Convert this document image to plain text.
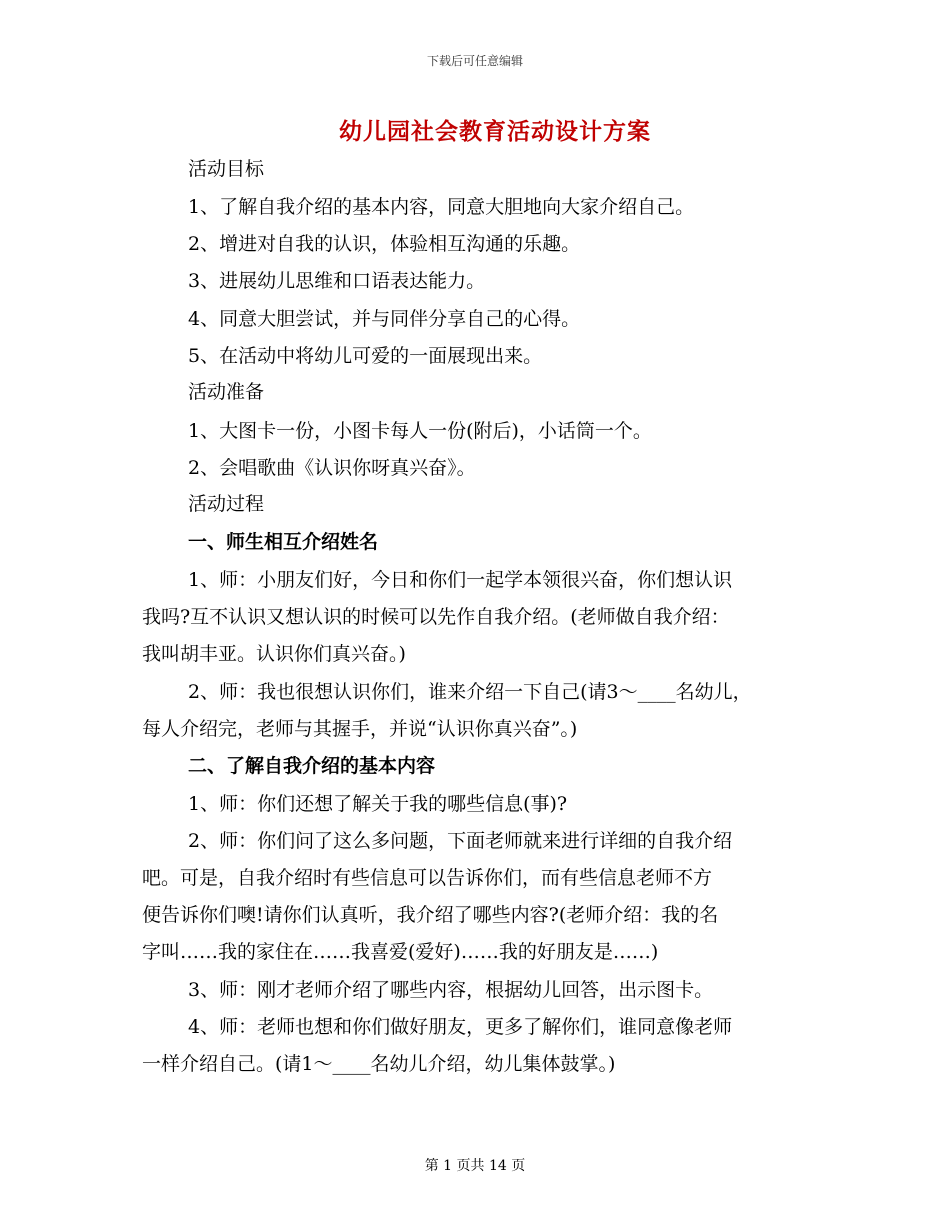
下载后可任意编辑
幼儿园社会教育活动设计方案
活动目标
1、了解自我介绍的基本内容，同意大胆地向大家介绍自己。
2、增进对自我的认识，体验相互沟通的乐趣。
3、进展幼儿思维和口语表达能力。
4、同意大胆尝试，并与同伴分享自己的心得。
5、在活动中将幼儿可爱的一面展现出来。
活动准备
1、大图卡一份，小图卡每人一份(附后)，小话筒一个。
2、会唱歌曲《认识你呀真兴奋》。
活动过程
一、师生相互介绍姓名
1、师：小朋友们好，今日和你们一起学本领很兴奋，你们想认识
我吗?互不认识又想认识的时候可以先作自我介绍。(老师做自我介绍：
我叫胡丰亚。认识你们真兴奋。)
2、师：我也很想认识你们，谁来介绍一下自己(请3～____名幼儿，
每人介绍完，老师与其握手，并说“认识你真兴奋”。)
二、了解自我介绍的基本内容
1、师：你们还想了解关于我的哪些信息(事)?
2、师：你们问了这么多问题，下面老师就来进行详细的自我介绍
吧。可是，自我介绍时有些信息可以告诉你们，而有些信息老师不方
便告诉你们噢!请你们认真听，我介绍了哪些内容?(老师介绍：我的名
字叫……我的家住在……我喜爱(爱好)……我的好朋友是……)
3、师：刚才老师介绍了哪些内容，根据幼儿回答，出示图卡。
4、师：老师也想和你们做好朋友，更多了解你们，谁同意像老师
一样介绍自己。(请1～____名幼儿介绍，幼儿集体鼓掌。)
第 1 页共 14 页
